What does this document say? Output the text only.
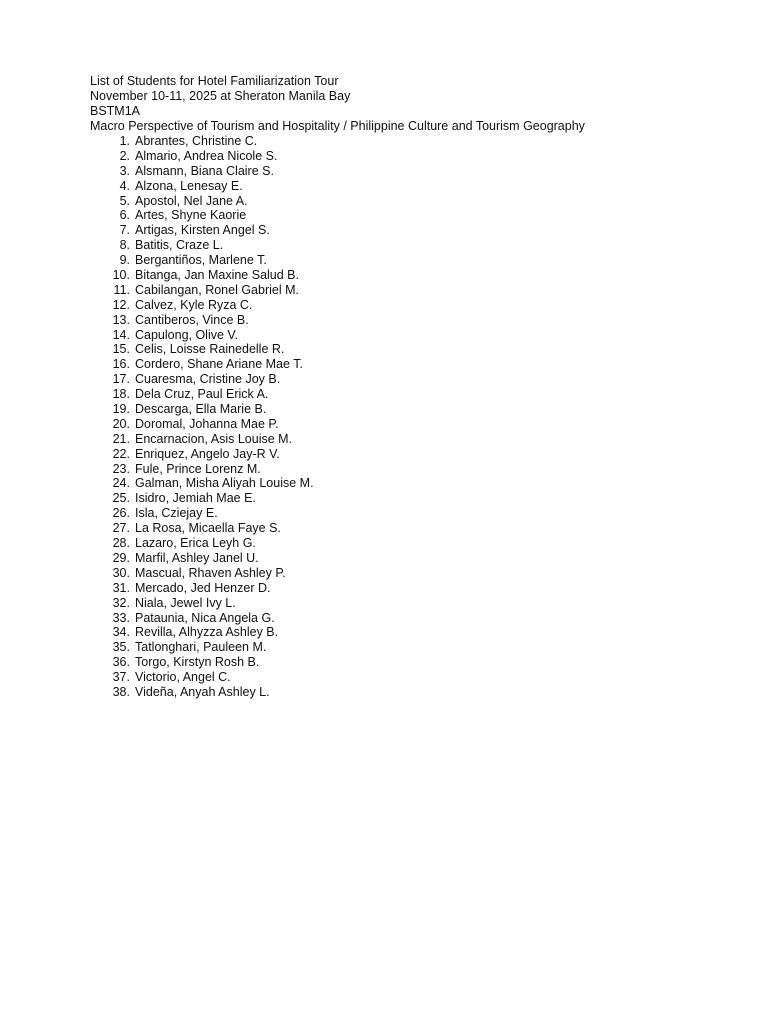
List of Students for Hotel Familiarization Tour
November 10-11, 2025 at Sheraton Manila Bay
BSTM1A
Macro Perspective of Tourism and Hospitality / Philippine Culture and Tourism Geography
1. Abrantes, Christine C.
2. Almario, Andrea Nicole S.
3. Alsmann, Biana Claire S.
4. Alzona, Lenesay E.
5. Apostol, Nel Jane A.
6. Artes, Shyne Kaorie
7. Artigas, Kirsten Angel S.
8. Batitis, Craze L.
9. Bergantiños, Marlene T.
10. Bitanga, Jan Maxine Salud B.
11. Cabilangan, Ronel Gabriel M.
12. Calvez, Kyle Ryza C.
13. Cantiberos, Vince B.
14. Capulong, Olive V.
15. Celis, Loisse Rainedelle R.
16. Cordero, Shane Ariane Mae T.
17. Cuaresma, Cristine Joy B.
18. Dela Cruz, Paul Erick A.
19. Descarga, Ella Marie B.
20. Doromal, Johanna Mae P.
21. Encarnacion, Asis Louise M.
22. Enriquez, Angelo Jay-R V.
23. Fule, Prince Lorenz M.
24. Galman, Misha Aliyah Louise M.
25. Isidro, Jemiah Mae E.
26. Isla, Cziejay E.
27. La Rosa, Micaella Faye S.
28. Lazaro, Erica Leyh G.
29. Marfil, Ashley Janel U.
30. Mascual, Rhaven Ashley P.
31. Mercado, Jed Henzer D.
32. Niala, Jewel Ivy L.
33. Pataunia, Nica Angela G.
34. Revilla, Alhyzza Ashley B.
35. Tatlonghari, Pauleen M.
36. Torgo, Kirstyn Rosh B.
37. Victorio, Angel C.
38. Videña, Anyah Ashley L.
